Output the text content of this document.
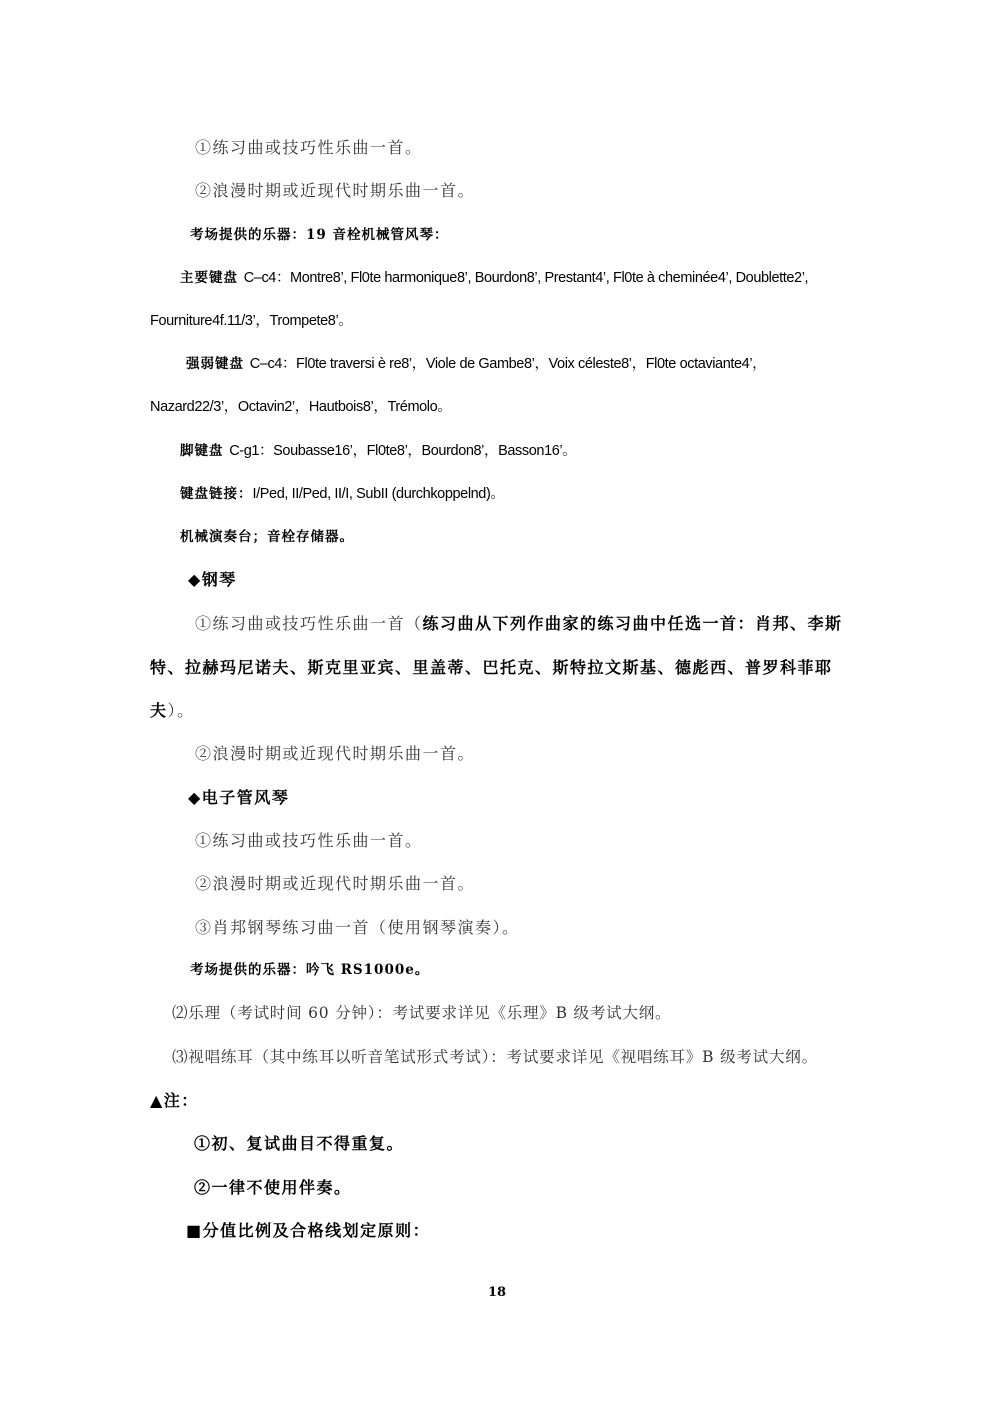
①练习曲或技巧性乐曲一首。
②浪漫时期或近现代时期乐曲一首。
考场提供的乐器：19 音栓机械管风琴：
主要键盘 C–c4：Montre8’, Fl0te harmonique8’, Bourdon8’, Prestant4’, Fl0te à cheminée4’, Doublette2’,
Fourniture4f.11/3’，Trompete8’。
强弱键盘 C–c4：Fl0te traversi è re8’，Viole de Gambe8’，Voix céleste8’，Fl0te octaviante4’，
Nazard22/3’，Octavin2’，Hautbois8’，Trémolo。
脚键盘 C-g1：Soubasse16’，Fl0te8’，Bourdon8’，Basson16’。
键盘链接：I/Ped, II/Ped, II/I, SubII (durchkoppelnd)。
机械演奏台；音栓存储器。
◆钢琴
①练习曲或技巧性乐曲一首（练习曲从下列作曲家的练习曲中任选一首：肖邦、李斯
特、拉赫玛尼诺夫、斯克里亚宾、里盖蒂、巴托克、斯特拉文斯基、德彪西、普罗科菲耶
夫）。
②浪漫时期或近现代时期乐曲一首。
◆电子管风琴
①练习曲或技巧性乐曲一首。
②浪漫时期或近现代时期乐曲一首。
③肖邦钢琴练习曲一首（使用钢琴演奏）。
考场提供的乐器：吟飞 RS1000e。
⑵乐理（考试时间 60 分钟）：考试要求详见《乐理》B 级考试大纲。
⑶视唱练耳（其中练耳以听音笔试形式考试）：考试要求详见《视唱练耳》B 级考试大纲。
▲注：
①初、复试曲目不得重复。
②一律不使用伴奏。
■分值比例及合格线划定原则：
18
